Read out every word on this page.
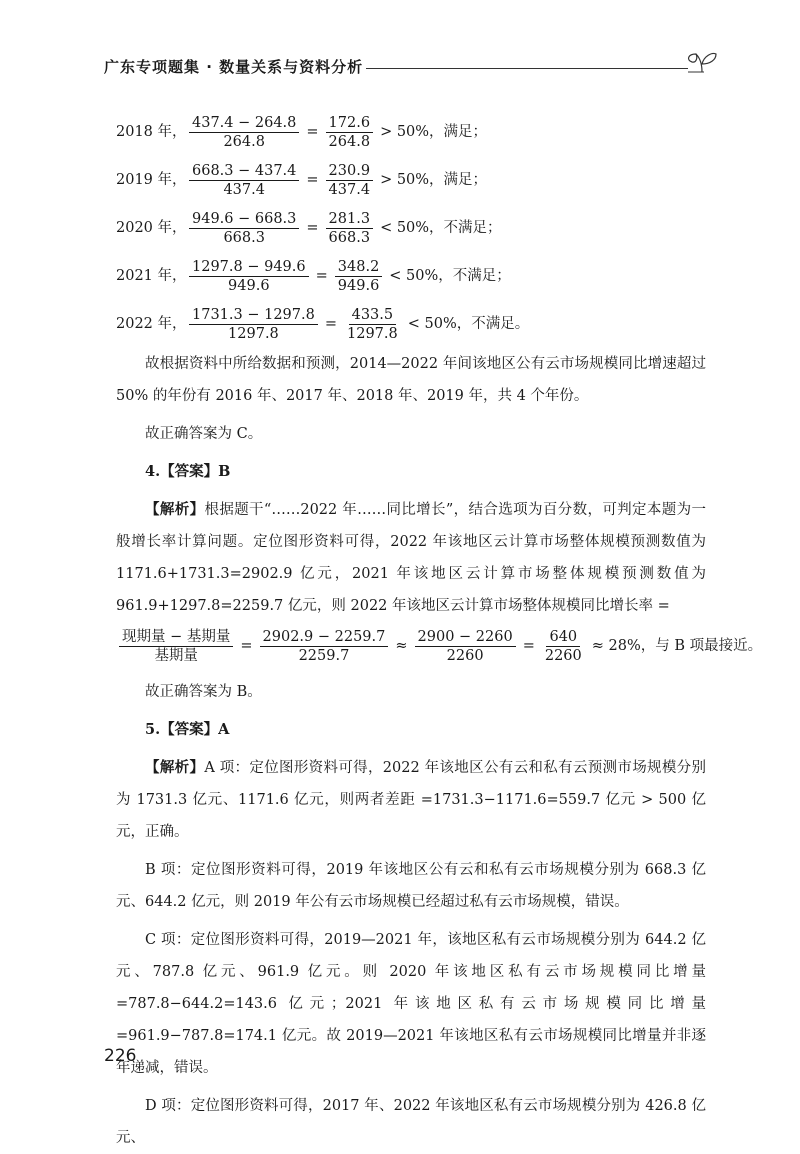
广东专项题集 · 数量关系与资料分析
2018 年， $\frac{437.4 - 264.8}{264.8} = \frac{172.6}{264.8} > 50\%$，满足；
2019 年， $\frac{668.3 - 437.4}{437.4} = \frac{230.9}{437.4} > 50\%$，满足；
2020 年， $\frac{949.6 - 668.3}{668.3} = \frac{281.3}{668.3} < 50\%$，不满足；
2021 年， $\frac{1297.8 - 949.6}{949.6} = \frac{348.2}{949.6} < 50\%$，不满足；
2022 年， $\frac{1731.3 - 1297.8}{1297.8} = \frac{433.5}{1297.8} < 50\%$，不满足。

故根据资料中所给数据和预测，2014—2022 年间该地区公有云市场规模同比增速超过 50% 的年份有 2016 年、2017 年、2018 年、2019 年，共 4 个年份。

故正确答案为 C。

4.【答案】B

【解析】根据题干“……2022 年……同比增长”，结合选项为百分数，可判定本题为一般增长率计算问题。定位图形资料可得，2022 年该地区云计算市场整体规模预测数值为 1171.6+1731.3=2902.9 亿元，2021 年该地区云计算市场整体规模预测数值为 961.9+1297.8=2259.7 亿元，则 2022 年该地区云计算市场整体规模同比增长率 =

$\frac{\text{现期量 − 基期量}}{\text{基期量}} = \frac{2902.9 - 2259.7}{2259.7} \approx \frac{2900 - 2260}{2260} = \frac{640}{2260} \approx 28\%$，与 B 项最接近。

故正确答案为 B。

5.【答案】A

【解析】A 项：定位图形资料可得，2022 年该地区公有云和私有云预测市场规模分别为 1731.3 亿元、1171.6 亿元，则两者差距 =1731.3−1171.6=559.7 亿元 > 500 亿元，正确。

B 项：定位图形资料可得，2019 年该地区公有云和私有云市场规模分别为 668.3 亿元、644.2 亿元，则 2019 年公有云市场规模已经超过私有云市场规模，错误。

C 项：定位图形资料可得，2019—2021 年，该地区私有云市场规模分别为 644.2 亿元、787.8 亿元、961.9 亿元。则 2020 年该地区私有云市场规模同比增量 =787.8−644.2=143.6 亿元；2021 年该地区私有云市场规模同比增量 =961.9−787.8=174.1 亿元。故 2019—2021 年该地区私有云市场规模同比增量并非逐年递减，错误。

D 项：定位图形资料可得，2017 年、2022 年该地区私有云市场规模分别为 426.8 亿元、

226
